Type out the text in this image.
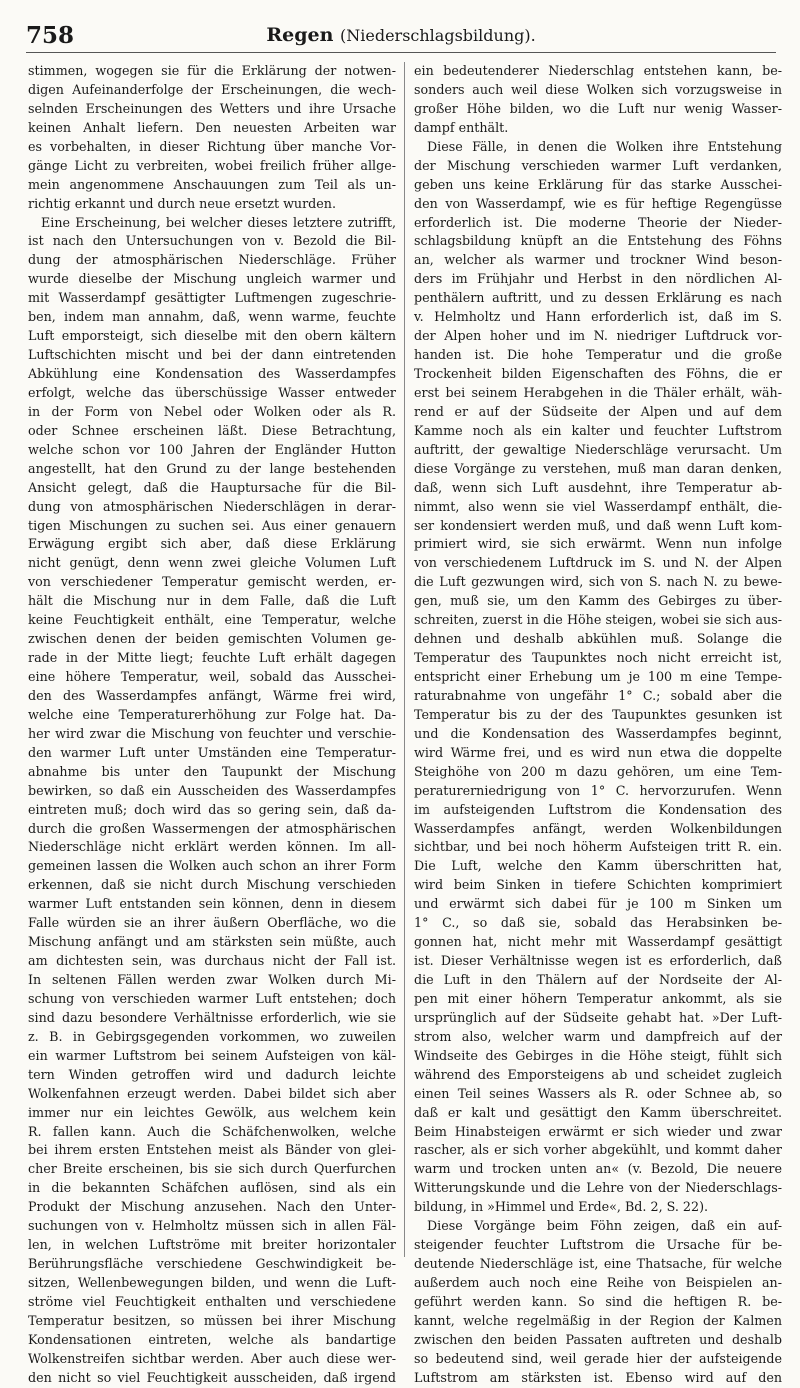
758	Regen (Niederschlagsbildung).
stimmen, wogegen sie für die Erklärung der notwen-
digen Aufeinanderfolge der Erscheinungen, die wech-
selnden Erscheinungen des Wetters und ihre Ursache
keinen Anhalt liefern. Den neuesten Arbeiten war
es vorbehalten, in dieser Richtung über manche Vor-
gänge Licht zu verbreiten, wobei freilich früher allge-
mein angenommene Anschauungen zum Teil als un-
richtig erkannt und durch neue ersetzt wurden.
Eine Erscheinung, bei welcher dieses letztere zutrifft,
ist nach den Untersuchungen von v. Bezold die Bil-
dung der atmosphärischen Niederschläge. Früher
wurde dieselbe der Mischung ungleich warmer und
mit Wasserdampf gesättigter Luftmengen zugeschrie-
ben, indem man annahm, daß, wenn warme, feuchte
Luft emporsteigt, sich dieselbe mit den obern kältern
Luftschichten mischt und bei der dann eintretenden
Abkühlung eine Kondensation des Wasserdampfes
erfolgt, welche das überschüssige Wasser entweder
in der Form von Nebel oder Wolken oder als R.
oder Schnee erscheinen läßt. Diese Betrachtung,
welche schon vor 100 Jahren der Engländer Hutton
angestellt, hat den Grund zu der lange bestehenden
Ansicht gelegt, daß die Hauptursache für die Bil-
dung von atmosphärischen Niederschlägen in derar-
tigen Mischungen zu suchen sei. Aus einer genauern
Erwägung ergibt sich aber, daß diese Erklärung
nicht genügt, denn wenn zwei gleiche Volumen Luft
von verschiedener Temperatur gemischt werden, er-
hält die Mischung nur in dem Falle, daß die Luft
keine Feuchtigkeit enthält, eine Temperatur, welche
zwischen denen der beiden gemischten Volumen ge-
rade in der Mitte liegt; feuchte Luft erhält dagegen
eine höhere Temperatur, weil, sobald das Ausschei-
den des Wasserdampfes anfängt, Wärme frei wird,
welche eine Temperaturerhöhung zur Folge hat. Da-
her wird zwar die Mischung von feuchter und verschie-
den warmer Luft unter Umständen eine Temperatur-
abnahme bis unter den Taupunkt der Mischung
bewirken, so daß ein Ausscheiden des Wasserdampfes
eintreten muß; doch wird das so gering sein, daß da-
durch die großen Wassermengen der atmosphärischen
Niederschläge nicht erklärt werden können. Im all-
gemeinen lassen die Wolken auch schon an ihrer Form
erkennen, daß sie nicht durch Mischung verschieden
warmer Luft entstanden sein können, denn in diesem
Falle würden sie an ihrer äußern Oberfläche, wo die
Mischung anfängt und am stärksten sein müßte, auch
am dichtesten sein, was durchaus nicht der Fall ist.
In seltenen Fällen werden zwar Wolken durch Mi-
schung von verschieden warmer Luft entstehen; doch
sind dazu besondere Verhältnisse erforderlich, wie sie
z. B. in Gebirgsgegenden vorkommen, wo zuweilen
ein warmer Luftstrom bei seinem Aufsteigen von käl-
tern Winden getroffen wird und dadurch leichte
Wolkenfahnen erzeugt werden. Dabei bildet sich aber
immer nur ein leichtes Gewölk, aus welchem kein
R. fallen kann. Auch die Schäfchenwolken, welche
bei ihrem ersten Entstehen meist als Bänder von glei-
cher Breite erscheinen, bis sie sich durch Querfurchen
in die bekannten Schäfchen auflösen, sind als ein
Produkt der Mischung anzusehen. Nach den Unter-
suchungen von v. Helmholtz müssen sich in allen Fäl-
len, in welchen Luftströme mit breiter horizontaler
Berührungsfläche verschiedene Geschwindigkeit be-
sitzen, Wellenbewegungen bilden, und wenn die Luft-
ströme viel Feuchtigkeit enthalten und verschiedene
Temperatur besitzen, so müssen bei ihrer Mischung
Kondensationen eintreten, welche als bandartige
Wolkenstreifen sichtbar werden. Aber auch diese wer-
den nicht so viel Feuchtigkeit ausscheiden, daß irgend
ein bedeutenderer Niederschlag entstehen kann, be-
sonders auch weil diese Wolken sich vorzugsweise in
großer Höhe bilden, wo die Luft nur wenig Wasser-
dampf enthält.
Diese Fälle, in denen die Wolken ihre Entstehung
der Mischung verschieden warmer Luft verdanken,
geben uns keine Erklärung für das starke Ausschei-
den von Wasserdampf, wie es für heftige Regengüsse
erforderlich ist. Die moderne Theorie der Nieder-
schlagsbildung knüpft an die Entstehung des Föhns
an, welcher als warmer und trockner Wind beson-
ders im Frühjahr und Herbst in den nördlichen Al-
penthälern auftritt, und zu dessen Erklärung es nach
v. Helmholtz und Hann erforderlich ist, daß im S.
der Alpen hoher und im N. niedriger Luftdruck vor-
handen ist. Die hohe Temperatur und die große
Trockenheit bilden Eigenschaften des Föhns, die er
erst bei seinem Herabgehen in die Thäler erhält, wäh-
rend er auf der Südseite der Alpen und auf dem
Kamme noch als ein kalter und feuchter Luftstrom
auftritt, der gewaltige Niederschläge verursacht. Um
diese Vorgänge zu verstehen, muß man daran denken,
daß, wenn sich Luft ausdehnt, ihre Temperatur ab-
nimmt, also wenn sie viel Wasserdampf enthält, die-
ser kondensiert werden muß, und daß wenn Luft kom-
primiert wird, sie sich erwärmt. Wenn nun infolge
von verschiedenem Luftdruck im S. und N. der Alpen
die Luft gezwungen wird, sich von S. nach N. zu bewe-
gen, muß sie, um den Kamm des Gebirges zu über-
schreiten, zuerst in die Höhe steigen, wobei sie sich aus-
dehnen und deshalb abkühlen muß. Solange die
Temperatur des Taupunktes noch nicht erreicht ist,
entspricht einer Erhebung um je 100 m eine Tempe-
raturabnahme von ungefähr 1° C.; sobald aber die
Temperatur bis zu der des Taupunktes gesunken ist
und die Kondensation des Wasserdampfes beginnt,
wird Wärme frei, und es wird nun etwa die doppelte
Steighöhe von 200 m dazu gehören, um eine Tem-
peraturerniedrigung von 1° C. hervorzurufen. Wenn
im aufsteigenden Luftstrom die Kondensation des
Wasserdampfes anfängt, werden Wolkenbildungen
sichtbar, und bei noch höherm Aufsteigen tritt R. ein.
Die Luft, welche den Kamm überschritten hat,
wird beim Sinken in tiefere Schichten komprimiert
und erwärmt sich dabei für je 100 m Sinken um
1° C., so daß sie, sobald das Herabsinken be-
gonnen hat, nicht mehr mit Wasserdampf gesättigt
ist. Dieser Verhältnisse wegen ist es erforderlich, daß
die Luft in den Thälern auf der Nordseite der Al-
pen mit einer höhern Temperatur ankommt, als sie
ursprünglich auf der Südseite gehabt hat. »Der Luft-
strom also, welcher warm und dampfreich auf der
Windseite des Gebirges in die Höhe steigt, fühlt sich
während des Emporsteigens ab und scheidet zugleich
einen Teil seines Wassers als R. oder Schnee ab, so
daß er kalt und gesättigt den Kamm überschreitet.
Beim Hinabsteigen erwärmt er sich wieder und zwar
rascher, als er sich vorher abgekühlt, und kommt daher
warm und trocken unten an« (v. Bezold, Die neuere
Witterungskunde und die Lehre von der Niederschlags-
bildung, in »Himmel und Erde«, Bd. 2, S. 22).
Diese Vorgänge beim Föhn zeigen, daß ein auf-
steigender feuchter Luftstrom die Ursache für be-
deutende Niederschläge ist, eine Thatsache, für welche
außerdem auch noch eine Reihe von Beispielen an-
geführt werden kann. So sind die heftigen R. be-
kannt, welche regelmäßig in der Region der Kalmen
zwischen den beiden Passaten auftreten und deshalb
so bedeutend sind, weil gerade hier der aufsteigende
Luftstrom am stärksten ist. Ebenso wird auf den
